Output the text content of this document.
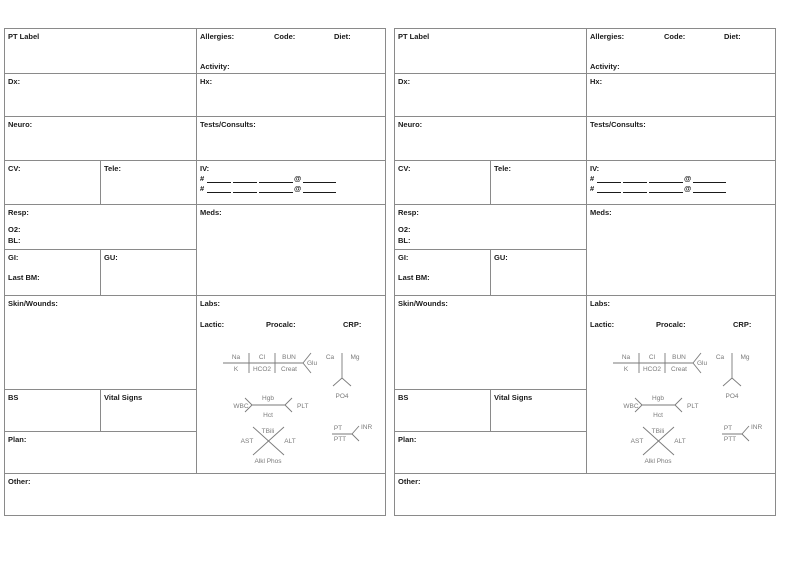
PT Label	Allergies:	Code:	Diet:
Activity:
Dx:	Hx:
Neuro:	Tests/Consults:
CV:	Tele:	IV:
#
#
@
@
Resp:
O2:
BL:
Meds:
GI:
Last BM:
GU:
Skin/Wounds:	Labs:
Lactic:	Procalc:	CRP:
Na	Cl	BUN
K HCO2 Creat
Glu
Ca	Mg
PO4
Hgb
WBC	PLT
Hct
TBili
AST	ALT
Alkl Phos
PT	INR
PTT
BS	Vital Signs
Plan:
Other:
PT Label	Allergies:	Code:	Diet:
Activity:
Dx:	Hx:
Neuro:	Tests/Consults:
CV:	Tele:	IV:
#
#
@
@
Resp:
O2:
BL:
Meds:
GI:
Last BM:
GU:
Skin/Wounds:	Labs:
Lactic:	Procalc:	CRP:
Na	Cl	BUN
K HCO2 Creat
Glu
Ca	Mg
PO4
Hgb
WBC	PLT
Hct
TBili
AST	ALT
Alkl Phos
PT	INR
PTT
BS	Vital Signs
Plan:
Other:
